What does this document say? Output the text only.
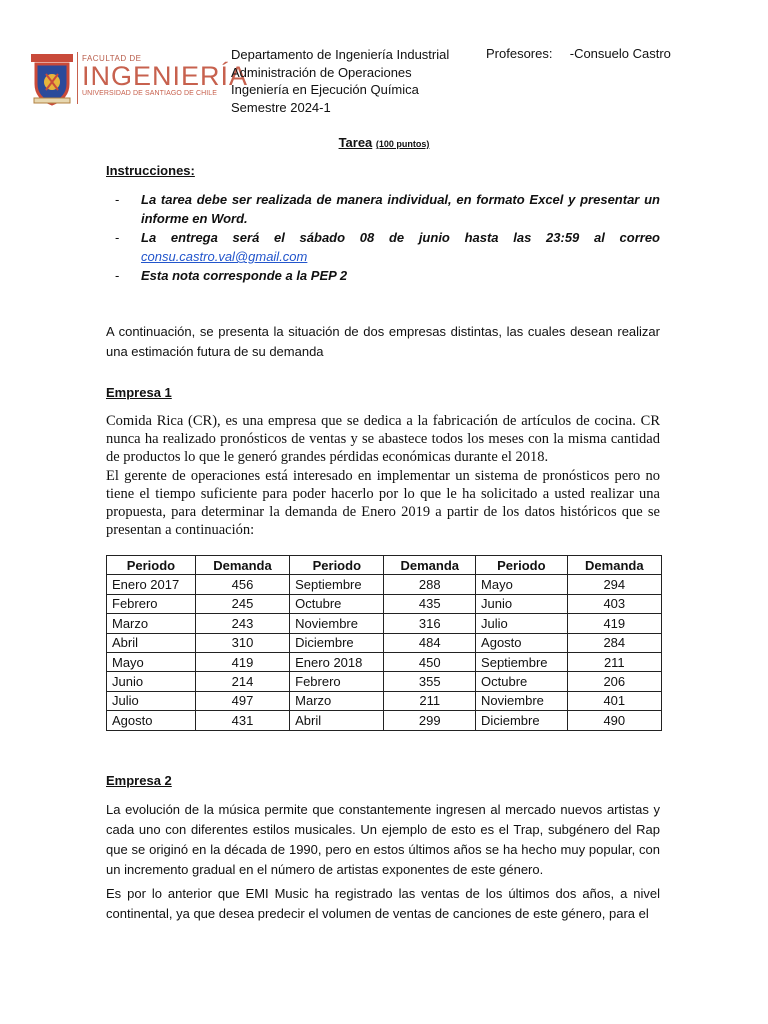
FACULTAD DE
INGENIERÍA
UNIVERSIDAD DE SANTIAGO DE CHILE
Departamento de Ingeniería Industrial
Administración de Operaciones
Ingeniería en Ejecución Química
Semestre 2024-1
Profesores: -Consuelo Castro
Tarea (100 puntos)
Instrucciones:
-	La tarea debe ser realizada de manera individual, en formato Excel y presentar un informe en Word.
-	La entrega será el sábado 08 de junio hasta las 23:59 al correo
consu.castro.val@gmail.com
-	Esta nota corresponde a la PEP 2
A continuación, se presenta la situación de dos empresas distintas, las cuales desean realizar una estimación futura de su demanda
Empresa 1
Comida Rica (CR), es una empresa que se dedica a la fabricación de artículos de cocina. CR nunca ha realizado pronósticos de ventas y se abastece todos los meses con la misma cantidad de productos lo que le generó grandes pérdidas económicas durante el 2018.
El gerente de operaciones está interesado en implementar un sistema de pronósticos pero no tiene el tiempo suficiente para poder hacerlo por lo que le ha solicitado a usted realizar una propuesta, para determinar la demanda de Enero 2019 a partir de los datos históricos que se presentan a continuación:
Periodo	Demanda	Periodo	Demanda	Periodo	Demanda
Enero 2017	456	Septiembre	288	Mayo	294
Febrero	245	Octubre	435	Junio	403
Marzo	243	Noviembre	316	Julio	419
Abril	310	Diciembre	484	Agosto	284
Mayo	419	Enero 2018	450	Septiembre	211
Junio	214	Febrero	355	Octubre	206
Julio	497	Marzo	211	Noviembre	401
Agosto	431	Abril	299	Diciembre	490
Empresa 2
La evolución de la música permite que constantemente ingresen al mercado nuevos artistas y cada uno con diferentes estilos musicales. Un ejemplo de esto es el Trap, subgénero del Rap que se originó en la década de 1990, pero en estos últimos años se ha hecho muy popular, con un incremento gradual en el número de artistas exponentes de este género.
Es por lo anterior que EMI Music ha registrado las ventas de los últimos dos años, a nivel continental, ya que desea predecir el volumen de ventas de canciones de este género, para el
